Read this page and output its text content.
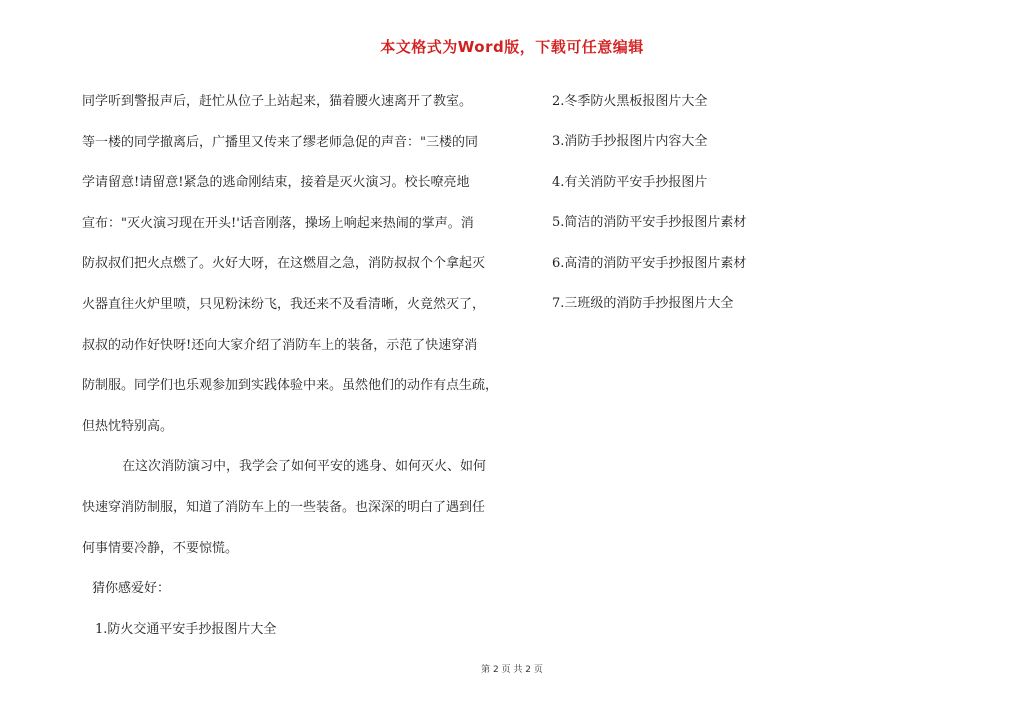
本文格式为Word版，下载可任意编辑
同学听到警报声后，赶忙从位子上站起来，猫着腰火速离开了教室。
等一楼的同学撤离后，广播里又传来了缪老师急促的声音："三楼的同
学请留意!请留意!紧急的逃命刚结束，接着是灭火演习。校长嘹亮地
宣布："灭火演习现在开头!'话音刚落，操场上响起来热闹的掌声。消
防叔叔们把火点燃了。火好大呀，在这燃眉之急，消防叔叔个个拿起灭
火器直往火炉里喷，只见粉沫纷飞，我还来不及看清晰，火竟然灭了，
叔叔的动作好快呀!还向大家介绍了消防车上的装备，示范了快速穿消
防制服。同学们也乐观参加到实践体验中来。虽然他们的动作有点生疏，
但热忱特别高。
在这次消防演习中，我学会了如何平安的逃身、如何灭火、如何
快速穿消防制服，知道了消防车上的一些装备。也深深的明白了遇到任
何事情要冷静，不要惊慌。
猜你感爱好：
1.防火交通平安手抄报图片大全
2.冬季防火黑板报图片大全
3.消防手抄报图片内容大全
4.有关消防平安手抄报图片
5.简洁的消防平安手抄报图片素材
6.高清的消防平安手抄报图片素材
7.三班级的消防手抄报图片大全
第 2 页 共 2 页
